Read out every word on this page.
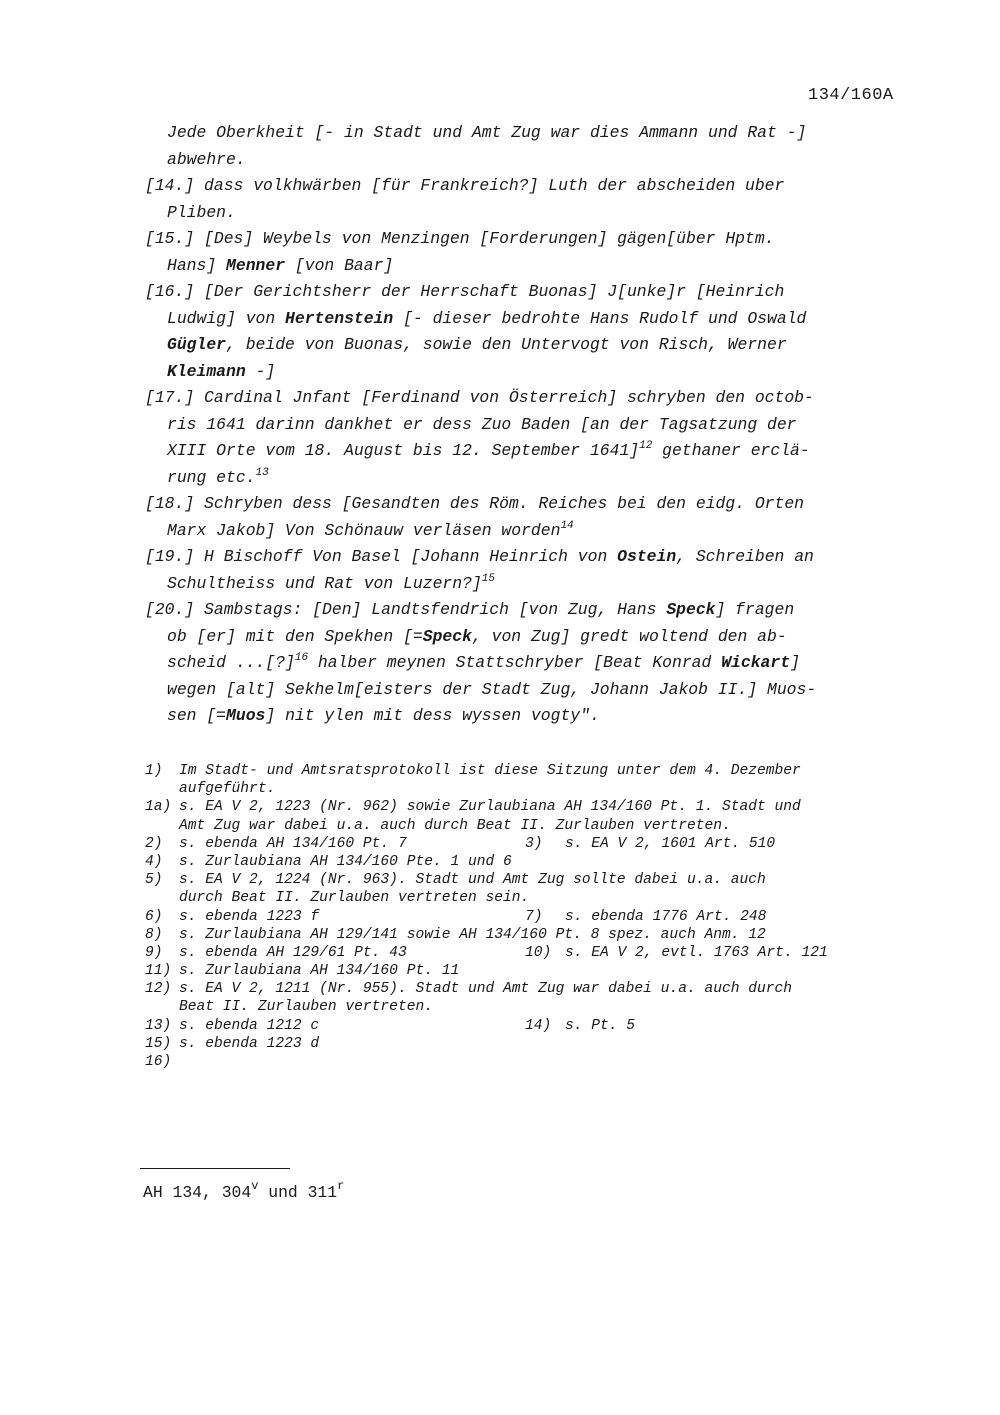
134/160A
Jede Oberkheit [- in Stadt und Amt Zug war dies Ammann und Rat -]
abwehre.
[14.] dass volkhwärben [für Frankreich?] Luth der abscheiden uber
Pliben.
[15.] [Des] Weybels von Menzingen [Forderungen] gägen[über Hptm.
Hans] Menner [von Baar]
[16.] [Der Gerichtsherr der Herrschaft Buonas] J[unke]r [Heinrich
Ludwig] von Hertenstein [- dieser bedrohte Hans Rudolf und Oswald
Gügler, beide von Buonas, sowie den Untervogt von Risch, Werner
Kleimann -]
[17.] Cardinal Jnfant [Ferdinand von Österreich] schryben den octob-
ris 1641 darinn dankhet er dess Zuo Baden [an der Tagsatzung der
XIII Orte vom 18. August bis 12. September 1641]$^{12}$ gethaner erclä-
rung etc.$^{13}$
[18.] Schryben dess [Gesandten des Röm. Reiches bei den eidg. Orten
Marx Jakob] Von Schönauw verläsen worden$^{14}$
[19.] H Bischoff Von Basel [Johann Heinrich von Ostein, Schreiben an
Schultheiss und Rat von Luzern?]$^{15}$
[20.] Sambstags: [Den] Landtsfendrich [von Zug, Hans Speck] fragen
ob [er] mit den Spekhen [=Speck, von Zug] gredt woltend den ab-
scheid ...[?]$^{16}$ halber meynen Stattschryber [Beat Konrad Wickart]
wegen [alt] Sekhelm[eisters der Stadt Zug, Johann Jakob II.] Muos-
sen [=Muos] nit ylen mit dess wyssen vogty".
1) Im Stadt- und Amtsratsprotokoll ist diese Sitzung unter dem 4. Dezember
aufgeführt.
1a) s. EA V 2, 1223 (Nr. 962) sowie Zurlaubiana AH 134/160 Pt. 1. Stadt und
Amt Zug war dabei u.a. auch durch Beat II. Zurlauben vertreten.
2) s. ebenda AH 134/160 Pt. 7	3) s. EA V 2, 1601 Art. 510
4) s. Zurlaubiana AH 134/160 Pte. 1 und 6
5) s. EA V 2, 1224 (Nr. 963). Stadt und Amt Zug sollte dabei u.a. auch
durch Beat II. Zurlauben vertreten sein.
6) s. ebenda 1223 f	7) s. ebenda 1776 Art. 248
8) s. Zurlaubiana AH 129/141 sowie AH 134/160 Pt. 8 spez. auch Anm. 12
9) s. ebenda AH 129/61 Pt. 43	10) s. EA V 2, evtl. 1763 Art. 121
11) s. Zurlaubiana AH 134/160 Pt. 11
12) s. EA V 2, 1211 (Nr. 955). Stadt und Amt Zug war dabei u.a. auch durch
Beat II. Zurlauben vertreten.
13) s. ebenda 1212 c	14) s. Pt. 5
15) s. ebenda 1223 d
16)
AH 134, 304$^v$ und 311$^r$
